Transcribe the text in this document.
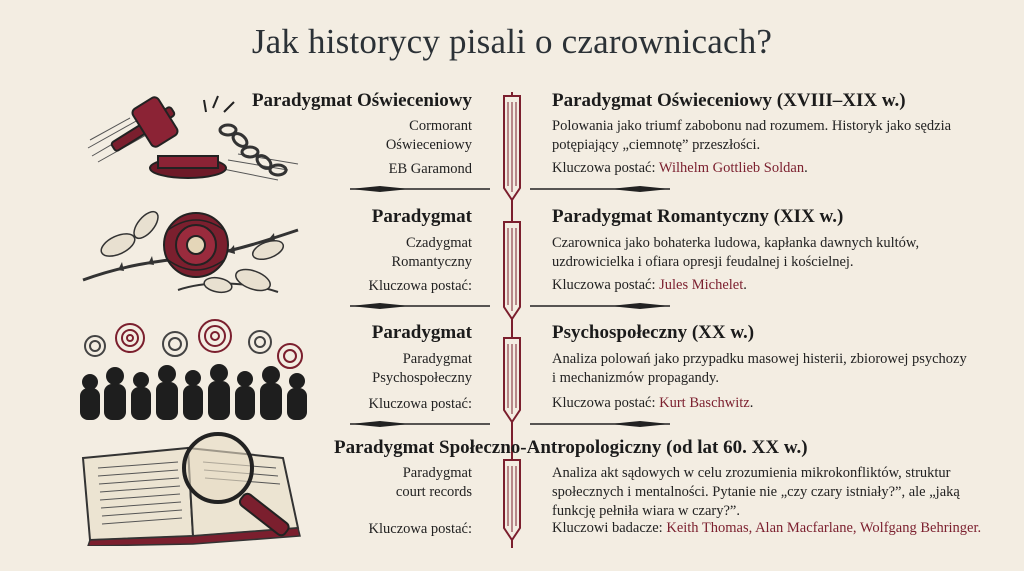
Jak historycy pisali o czarownicach?
Paradygmat Oświeceniowy
Cormorant
Oświeceniowy
EB Garamond
Paradygmat Oświeceniowy (XVIII–XIX w.)
Polowania jako triumf zabobonu nad rozumem. Historyk jako sędzia potępiający „ciemnotę” przeszłości.
Kluczowa postać: Wilhelm Gottlieb Soldan.
Paradygmat
Czadygmat
Romantyczny
Kluczowa postać:
Paradygmat Romantyczny (XIX w.)
Czarownica jako bohaterka ludowa, kapłanka dawnych kultów, uzdrowicielka i ofiara opresji feudalnej i kościelnej.
Kluczowa postać: Jules Michelet.
Paradygmat
Paradygmat
Psychospołeczny
Kluczowa postać:
Psychospołeczny (XX w.)
Analiza polowań jako przypadku masowej histerii, zbiorowej psychozy i mechanizmów propagandy.
Kluczowa postać: Kurt Baschwitz.
Paradygmat Społeczno-Antropologiczny (od lat 60. XX w.)
Paradygmat
court records
Kluczowa postać:
Analiza akt sądowych w celu zrozumienia mikrokonfliktów, struktur społecznych i mentalności. Pytanie nie „czy czary istniały?”, ale „jaką funkcję pełniła wiara w czary?”.
Kluczowi badacze: Keith Thomas, Alan Macfarlane, Wolfgang Behringer.
